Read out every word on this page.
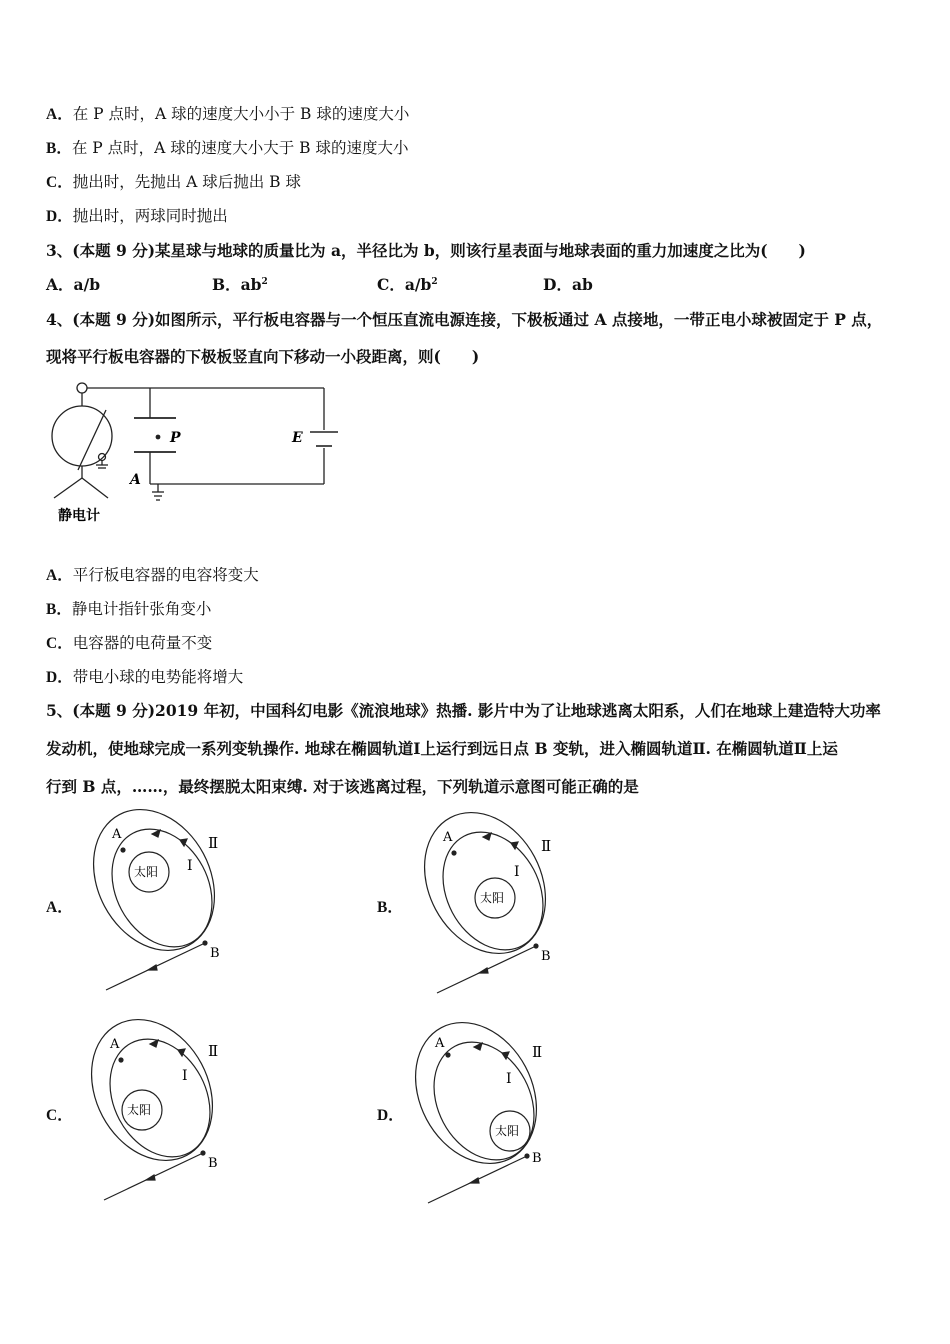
A．在 P 点时，A 球的速度大小小于 B 球的速度大小
B．在 P 点时，A 球的速度大小大于 B 球的速度大小
C．抛出时，先抛出 A 球后抛出 B 球
D．抛出时，两球同时抛出
3、(本题 9 分)某星球与地球的质量比为 a，半径比为 b，则该行星表面与地球表面的重力加速度之比为(　　)
A．a/b	B．$ab^2$	C．$a/b^2$	D．ab
4、(本题 9 分)如图所示，平行板电容器与一个恒压直流电源连接，下极板通过 A 点接地，一带正电小球被固定于 P 点，
现将平行板电容器的下极板竖直向下移动一小段距离，则(　　)
P	E
A
静电计
A．平行板电容器的电容将变大
B．静电计指针张角变小
C．电容器的电荷量不变
D．带电小球的电势能将增大
5、(本题 9 分)2019 年初，中国科幻电影《流浪地球》热播. 影片中为了让地球逃离太阳系，人们在地球上建造特大功率
发动机，使地球完成一系列变轨操作. 地球在椭圆轨道Ⅰ上运行到远日点 B 变轨，进入椭圆轨道Ⅱ. 在椭圆轨道Ⅱ上运
行到 B 点，……，最终摆脱太阳束缚. 对于该逃离过程，下列轨道示意图可能正确的是
A．	B．
C．	D．
A
B
Ⅰ
Ⅱ
太阳
A
B
Ⅰ
Ⅱ
太阳
A
B
Ⅰ
Ⅱ
太阳
A
B
Ⅰ
Ⅱ
太阳
